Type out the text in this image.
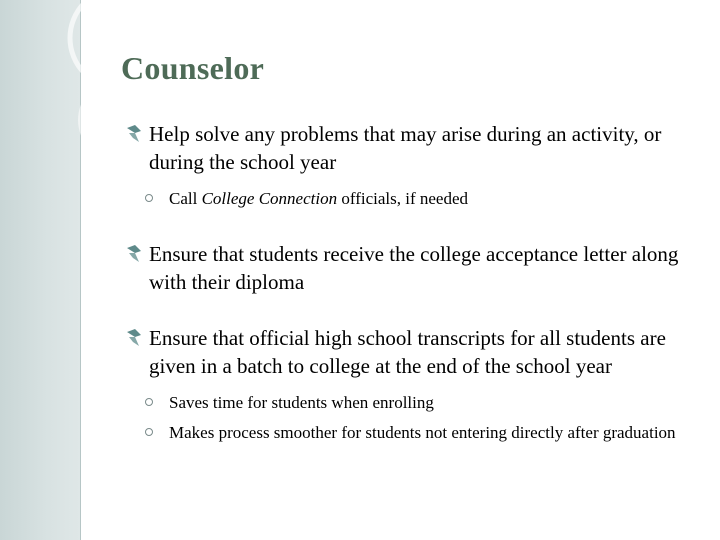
Counselor
Help solve any problems that may arise during an activity, or during the school year
Call College Connection officials, if needed
Ensure that students receive the college acceptance letter along with their diploma
Ensure that official high school transcripts for all students are given in a batch to college at the end of the school year
Saves time for students when enrolling
Makes process smoother for students not entering directly after graduation
